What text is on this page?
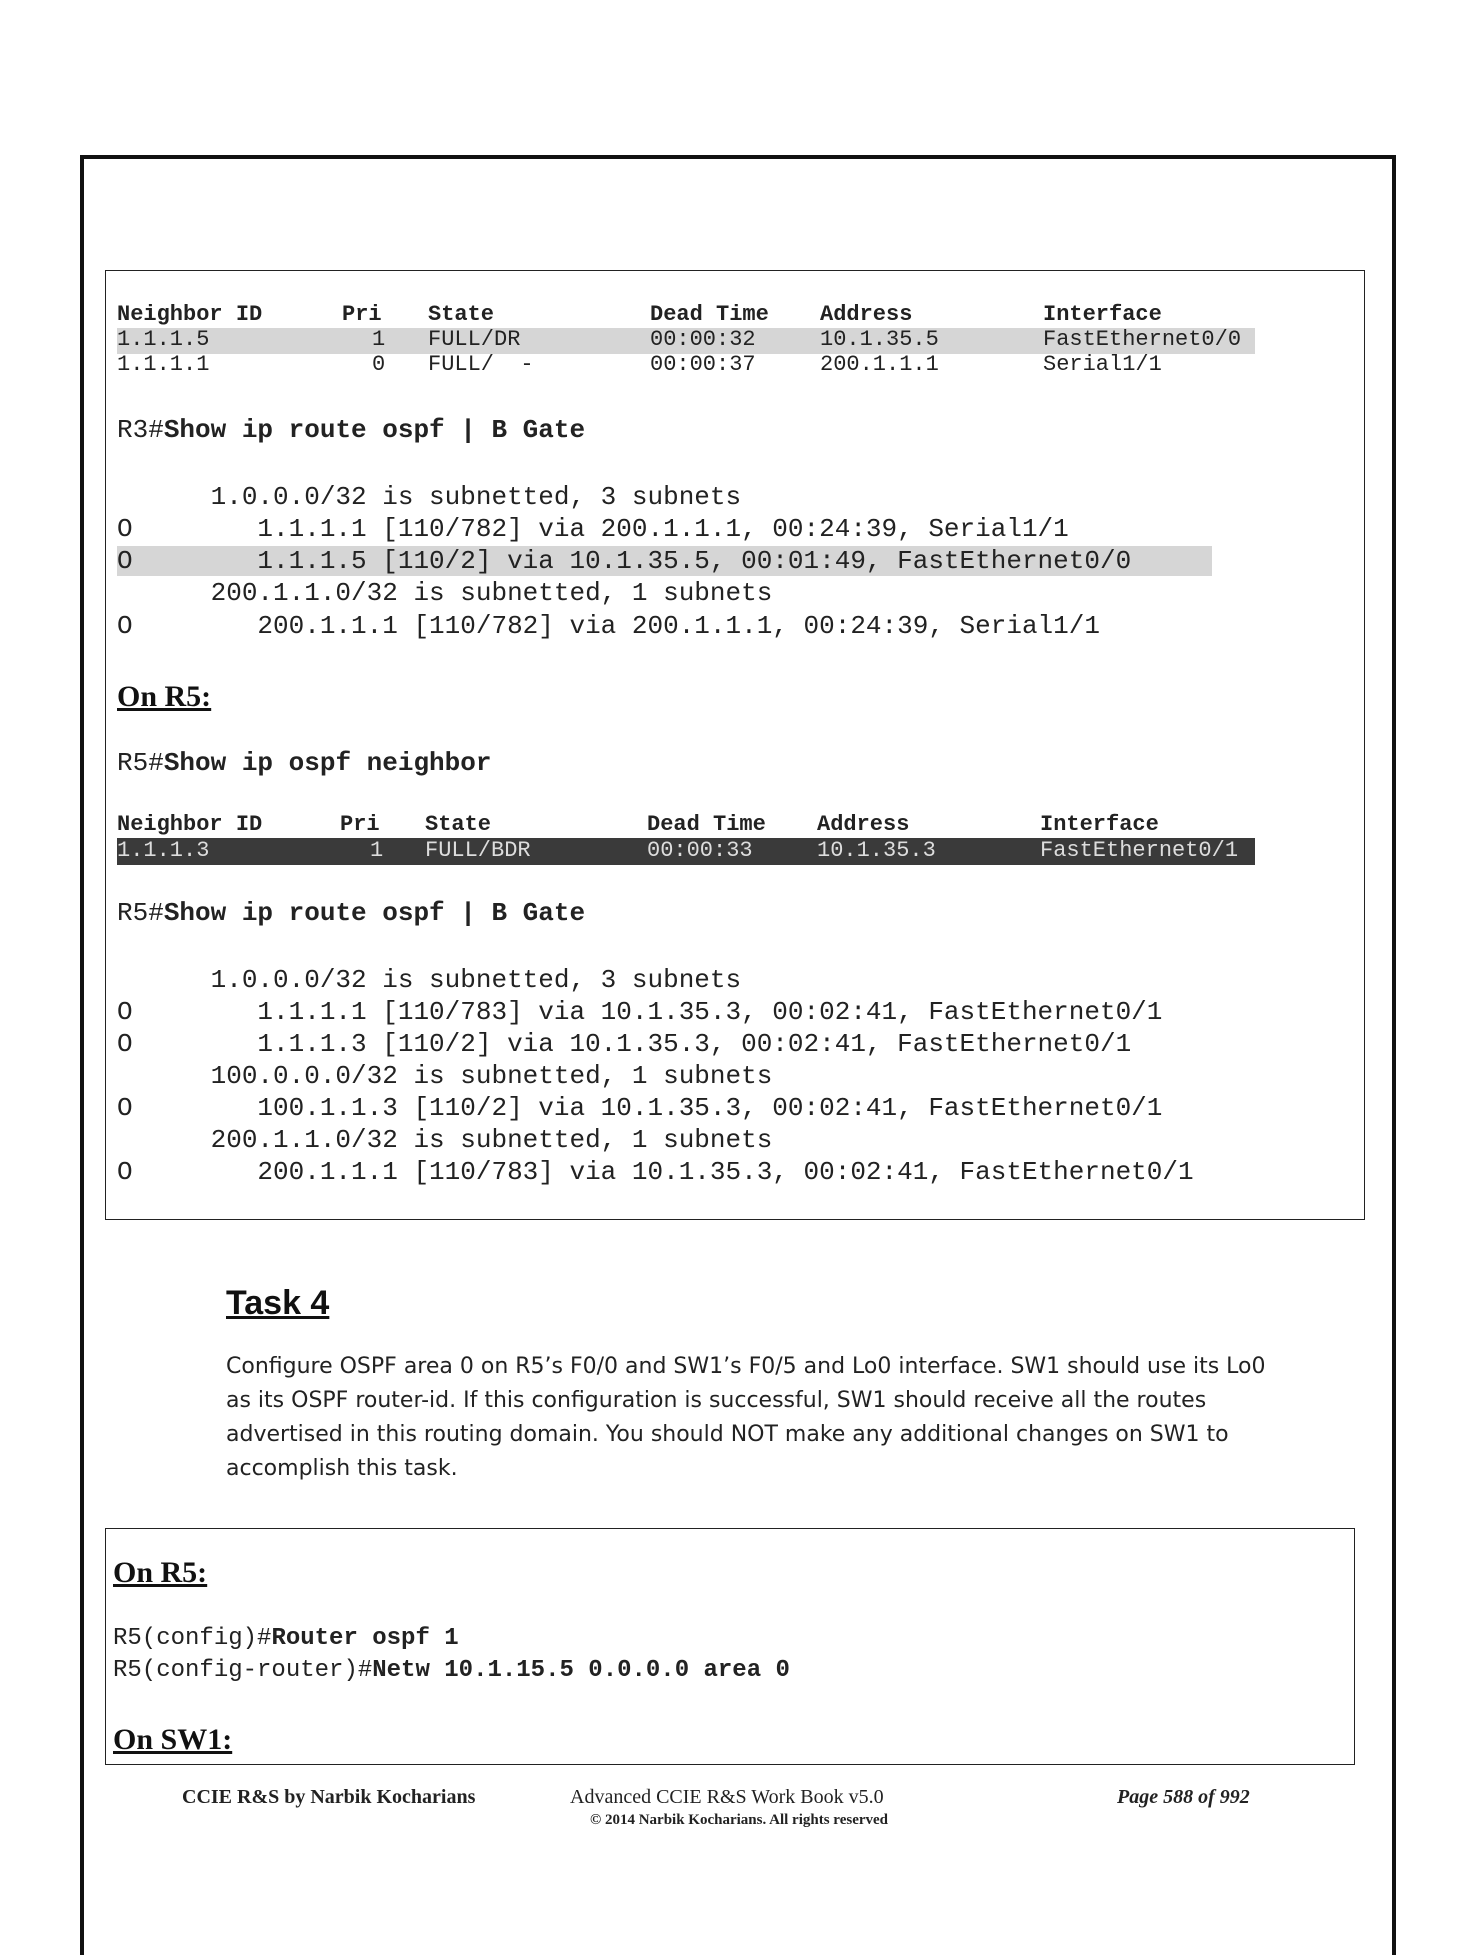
Neighbor ID	Pri State	Dead Time Address	Interface
1.1.1.5	1 FULL/DR	00:00:32	10.1.35.5	FastEthernet0/0
1.1.1.1	0 FULL/  -	00:00:37	200.1.1.1	Serial1/1
R3#Show ip route ospf | B Gate
1.0.0.0/32 is subnetted, 3 subnets
O        1.1.1.1 [110/782] via 200.1.1.1, 00:24:39, Serial1/1
O        1.1.1.5 [110/2] via 10.1.35.5, 00:01:49, FastEthernet0/0
200.1.1.0/32 is subnetted, 1 subnets
O        200.1.1.1 [110/782] via 200.1.1.1, 00:24:39, Serial1/1
On R5:
R5#Show ip ospf neighbor
Neighbor ID	Pri State	Dead Time Address	Interface
1.1.1.3	1 FULL/BDR	00:00:33	10.1.35.3	FastEthernet0/1
R5#Show ip route ospf | B Gate
1.0.0.0/32 is subnetted, 3 subnets
O        1.1.1.1 [110/783] via 10.1.35.3, 00:02:41, FastEthernet0/1
O        1.1.1.3 [110/2] via 10.1.35.3, 00:02:41, FastEthernet0/1
100.0.0.0/32 is subnetted, 1 subnets
O        100.1.1.3 [110/2] via 10.1.35.3, 00:02:41, FastEthernet0/1
200.1.1.0/32 is subnetted, 1 subnets
O        200.1.1.1 [110/783] via 10.1.35.3, 00:02:41, FastEthernet0/1
Task 4
Configure OSPF area 0 on R5’s F0/0 and SW1’s F0/5 and Lo0 interface. SW1 should use its Lo0 as its OSPF router-id. If this configuration is successful, SW1 should receive all the routes advertised in this routing domain. You should NOT make any additional changes on SW1 to accomplish this task.
On R5:
R5(config)#Router ospf 1
R5(config-router)#Netw 10.1.15.5 0.0.0.0 area 0
On SW1:
CCIE R&S by Narbik Kocharians	Advanced CCIE R&S Work Book v5.0
© 2014 Narbik Kocharians. All rights reserved
Page 588 of 992
